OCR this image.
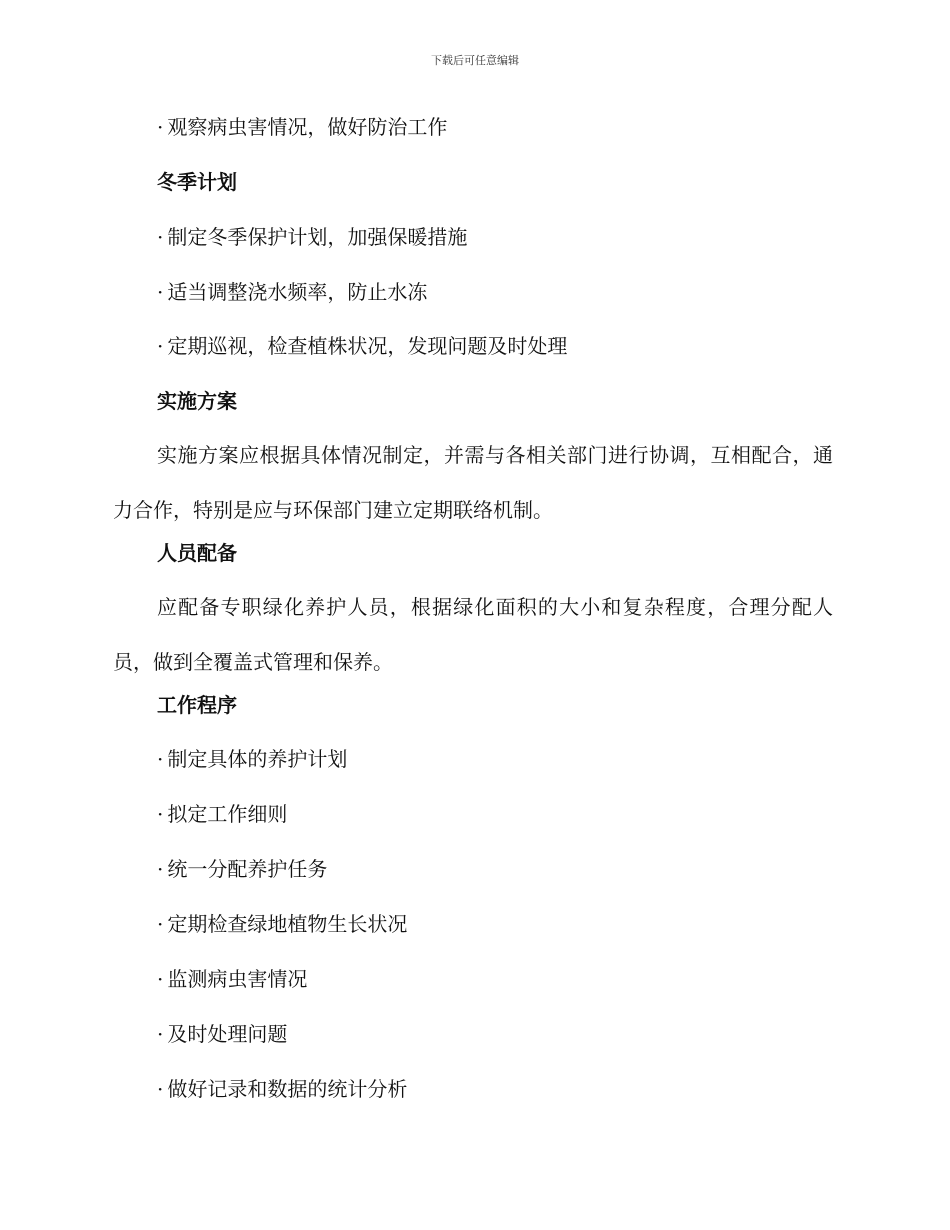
下载后可任意编辑
· 观察病虫害情况，做好防治工作
冬季计划
· 制定冬季保护计划，加强保暖措施
· 适当调整浇水频率，防止水冻
· 定期巡视，检查植株状况，发现问题及时处理
实施方案
实施方案应根据具体情况制定，并需与各相关部门进行协调，互相配合，通力合作，特别是应与环保部门建立定期联络机制。
人员配备
应配备专职绿化养护人员，根据绿化面积的大小和复杂程度，合理分配人员，做到全覆盖式管理和保养。
工作程序
· 制定具体的养护计划
· 拟定工作细则
· 统一分配养护任务
· 定期检查绿地植物生长状况
· 监测病虫害情况
· 及时处理问题
· 做好记录和数据的统计分析
